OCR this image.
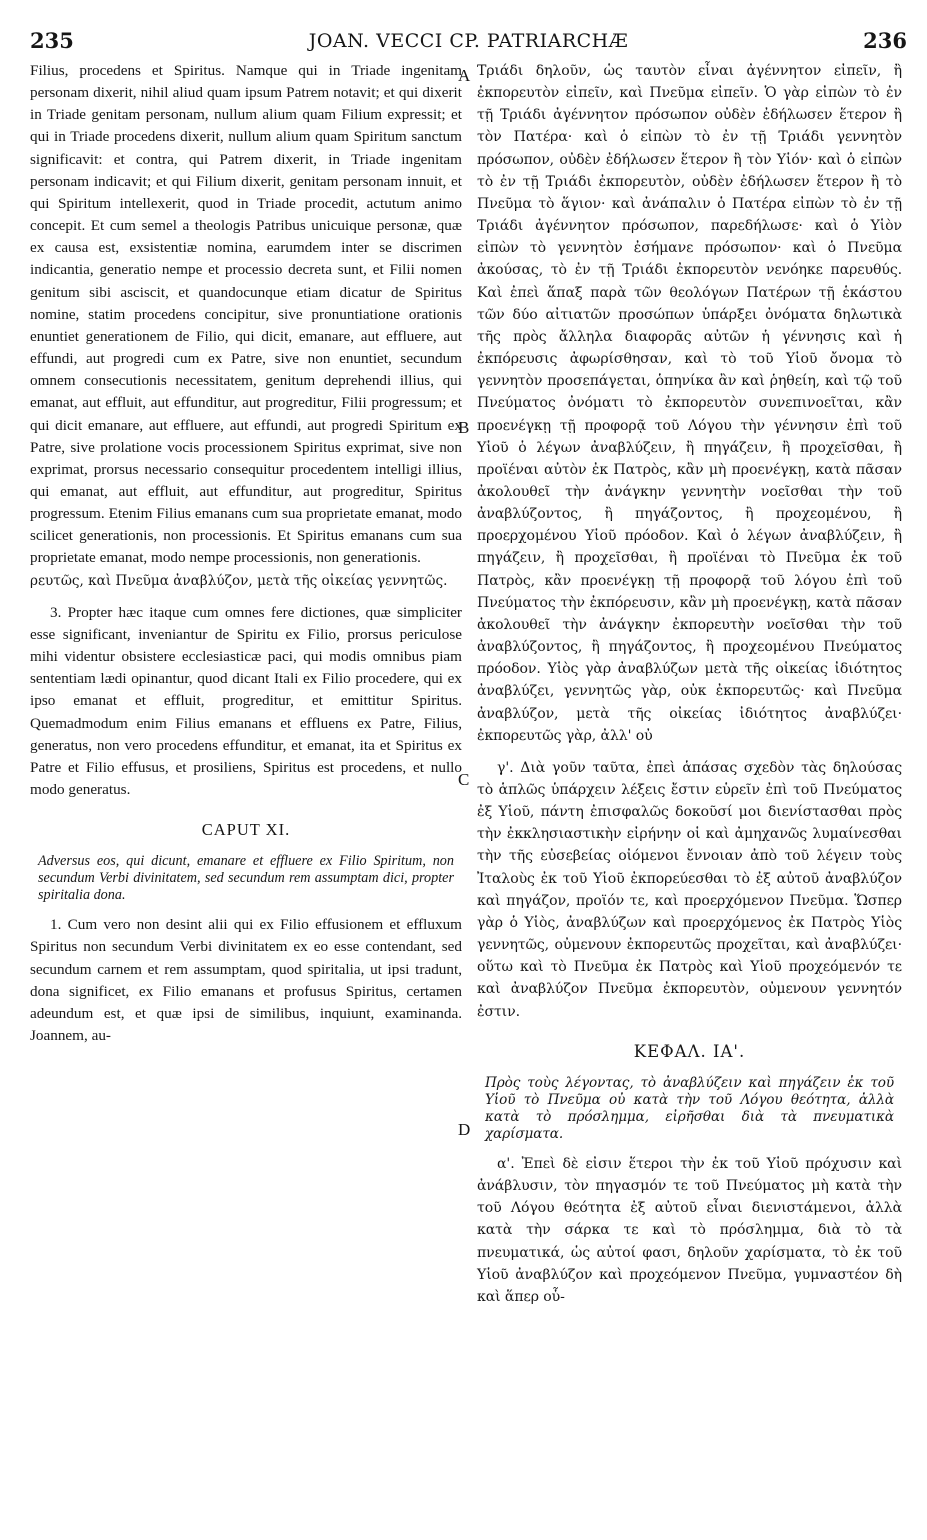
235	JOAN. VECCI CP. PATRIARCHÆ	236

Filius, procedens et Spiritus. Namque qui in Triade ingenitam personam dixerit, nihil aliud quam ipsum Patrem notavit; et qui dixerit in Triade genitam personam, nullum alium quam Filium expressit; et qui in Triade procedens dixerit, nullum alium quam Spiritum sanctum significavit: et contra, qui Patrem dixerit, in Triade ingenitam personam indicavit; et qui Filium dixerit, genitam personam innuit, et qui Spiritum intellexerit, quod in Triade procedit, actutum animo concepit. Et cum semel a theologis Patribus unicuique personæ, quæ ex causa est, exsistentiæ nomina, earumdem inter se discrimen indicantia, generatio nempe et processio decreta sunt, et Filii nomen genitum sibi asciscit, et quandocunque etiam dicatur de Spiritus nomine, statim procedens concipitur, sive pronuntiatione orationis enuntiet generationem de Filio, qui dicit, emanare, aut effluere, aut effundi, aut progredi cum ex Patre, sive non enuntiet, secundum omnem consecutionis necessitatem, genitum deprehendi illius, qui emanat, aut effluit, aut effunditur, aut progreditur, Filii progressum; et qui dicit emanare, aut effluere, aut effundi, aut progredi Spiritum ex Patre, sive prolatione vocis processionem Spiritus exprimat, sive non exprimat, prorsus necessario consequitur procedentem intelligi illius, qui emanat, aut effluit, aut effunditur, aut progreditur, Spiritus progressum. Etenim Filius emanans cum sua proprietate emanat, modo scilicet generationis, non processionis. Et Spiritus emanans cum sua proprietate emanat, modo nempe processionis, non generationis.

ρευτῶς, καὶ Πνεῦμα ἀναβλύζον, μετὰ τῆς οἰκείας γεννητῶς.

3. Propter hæc itaque cum omnes fere dictiones, quæ simpliciter esse significant, inveniantur de Spiritu ex Filio, prorsus periculose mihi videntur obsistere ecclesiasticæ paci, qui modis omnibus piam sententiam lædi opinantur, quod dicant Itali ex Filio procedere, qui ex ipso emanat et effluit, progreditur, et emittitur Spiritus. Quemadmodum enim Filius emanans et effluens ex Patre, Filius, generatus, non vero procedens effunditur, et emanat, ita et Spiritus ex Patre et Filio effusus, et prosiliens, Spiritus est procedens, et nullo modo generatus.

CAPUT XI.

Adversus eos, qui dicunt, emanare et effluere ex Filio Spiritum, non secundum Verbi divinitatem, sed secundum rem assumptam dici, propter spiritalia dona.

1. Cum vero non desint alii qui ex Filio effusionem et effluxum Spiritus non secundum Verbi divinitatem ex eo esse contendant, sed secundum carnem et rem assumptam, quod spiritalia, ut ipsi tradunt, dona significet, ex Filio emanans et profusus Spiritus, certamen adeundum est, et quæ ipsi de similibus, inquiunt, examinanda. Joannem, au-

Τριάδι δηλοῦν, ὡς ταυτὸν εἶναι ἀγέννητον εἰπεῖν, ἢ ἐκπορευτὸν εἰπεῖν, καὶ Πνεῦμα εἰπεῖν. Ὁ γὰρ εἰπὼν τὸ ἐν τῇ Τριάδι ἀγέννητον πρόσωπον οὐδὲν ἐδήλωσεν ἕτερον ἢ τὸν Πατέρα· καὶ ὁ εἰπὼν τὸ ἐν τῇ Τριάδι γεννητὸν πρόσωπον, οὐδὲν ἐδήλωσεν ἕτερον ἢ τὸν Υἱόν· καὶ ὁ εἰπὼν τὸ ἐν τῇ Τριάδι ἐκπορευτὸν, οὐδὲν ἐδήλωσεν ἕτερον ἢ τὸ Πνεῦμα τὸ ἅγιον· καὶ ἀνάπαλιν ὁ Πατέρα εἰπὼν τὸ ἐν τῇ Τριάδι ἀγέννητον πρόσωπον, παρεδήλωσε· καὶ ὁ Υἱὸν εἰπὼν τὸ γεννητὸν ἐσήμανε πρόσωπον· καὶ ὁ Πνεῦμα ἀκούσας, τὸ ἐν τῇ Τριάδι ἐκπορευτὸν νενόηκε παρευθύς. Καὶ ἐπεὶ ἅπαξ παρὰ τῶν θεολόγων Πατέρων τῇ ἑκάστου τῶν δύο αἰτιατῶν προσώπων ὑπάρξει ὀνόματα δηλωτικὰ τῆς πρὸς ἄλληλα διαφορᾶς αὐτῶν ἡ γέννησις καὶ ἡ ἐκπόρευσις ἀφωρίσθησαν, καὶ τὸ τοῦ Υἱοῦ ὄνομα τὸ γεννητὸν προσεπάγεται, ὁπηνίκα ἂν καὶ ῥηθείη, καὶ τῷ τοῦ Πνεύματος ὀνόματι τὸ ἐκπορευτὸν συνεπινοεῖται, κἂν προενέγκῃ τῇ προφορᾷ τοῦ Λόγου τὴν γέννησιν ἐπὶ τοῦ Υἱοῦ ὁ λέγων ἀναβλύζειν, ἢ πηγάζειν, ἢ προχεῖσθαι, ἢ προϊέναι αὐτὸν ἐκ Πατρὸς, κἂν μὴ προενέγκῃ, κατὰ πᾶσαν ἀκολουθεῖ τὴν ἀνάγκην γεννητὴν νοεῖσθαι τὴν τοῦ ἀναβλύζοντος, ἢ πηγάζοντος, ἢ προχεομένου, ἢ προερχομένου Υἱοῦ πρόοδον. Καὶ ὁ λέγων ἀναβλύζειν, ἢ πηγάζειν, ἢ προχεῖσθαι, ἢ προϊέναι τὸ Πνεῦμα ἐκ τοῦ Πατρὸς, κἂν προενέγκῃ τῇ προφορᾷ τοῦ λόγου ἐπὶ τοῦ Πνεύματος τὴν ἐκπόρευσιν, κἂν μὴ προενέγκῃ, κατὰ πᾶσαν ἀκολουθεῖ τὴν ἀνάγκην ἐκπορευτὴν νοεῖσθαι τὴν τοῦ ἀναβλύζοντος, ἢ πηγάζοντος, ἢ προχεομένου Πνεύματος πρόοδον. Υἱὸς γὰρ ἀναβλύζων μετὰ τῆς οἰκείας ἰδιότητος ἀναβλύζει, γεννητῶς γὰρ, οὐκ ἐκπορευτῶς· καὶ Πνεῦμα ἀναβλύζον, μετὰ τῆς οἰκείας ἰδιότητος ἀναβλύζει· ἐκπορευτῶς γὰρ, ἀλλ' οὐ

γ'. Διὰ γοῦν ταῦτα, ἐπεὶ ἁπάσας σχεδὸν τὰς δηλούσας τὸ ἁπλῶς ὑπάρχειν λέξεις ἔστιν εὑρεῖν ἐπὶ τοῦ Πνεύματος ἐξ Υἱοῦ, πάντη ἐπισφαλῶς δοκοῦσί μοι διενίστασθαι πρὸς τὴν ἐκκλησιαστικὴν εἰρήνην οἱ καὶ ἀμηχανῶς λυμαίνεσθαι τὴν τῆς εὐσεβείας οἰόμενοι ἔννοιαν ἀπὸ τοῦ λέγειν τοὺς Ἰταλοὺς ἐκ τοῦ Υἱοῦ ἐκπορεύεσθαι τὸ ἐξ αὐτοῦ ἀναβλύζον καὶ πηγάζον, προϊόν τε, καὶ προερχόμενον Πνεῦμα. Ὥσπερ γὰρ ὁ Υἱὸς, ἀναβλύζων καὶ προερχόμενος ἐκ Πατρὸς Υἱὸς γεννητῶς, οὐμενουν ἐκπορευτῶς προχεῖται, καὶ ἀναβλύζει· οὕτω καὶ τὸ Πνεῦμα ἐκ Πατρὸς καὶ Υἱοῦ προχεόμενόν τε καὶ ἀναβλύζον Πνεῦμα ἐκπορευτὸν, οὐμενουν γεννητόν ἐστιν.

ΚΕΦΑΛ. ΙΑ'.

Πρὸς τοὺς λέγοντας, τὸ ἀναβλύζειν καὶ πηγάζειν ἐκ τοῦ Υἱοῦ τὸ Πνεῦμα οὐ κατὰ τὴν τοῦ Λόγου θεότητα, ἀλλὰ κατὰ τὸ πρόσλημμα, εἰρῆσθαι διὰ τὰ πνευματικὰ χαρίσματα.

α'. Ἐπεὶ δὲ εἰσιν ἕτεροι τὴν ἐκ τοῦ Υἱοῦ πρόχυσιν καὶ ἀνάβλυσιν, τὸν πηγασμόν τε τοῦ Πνεύματος μὴ κατὰ τὴν τοῦ Λόγου θεότητα ἐξ αὐτοῦ εἶναι διενιστάμενοι, ἀλλὰ κατὰ τὴν σάρκα τε καὶ τὸ πρόσλημμα, διὰ τὸ τὰ πνευματικά, ὡς αὐτοί φασι, δηλοῦν χαρίσματα, τὸ ἐκ τοῦ Υἱοῦ ἀναβλύζον καὶ προχεόμενον Πνεῦμα, γυμναστέον δὴ καὶ ἅπερ οὗ-

A
B
C
D
